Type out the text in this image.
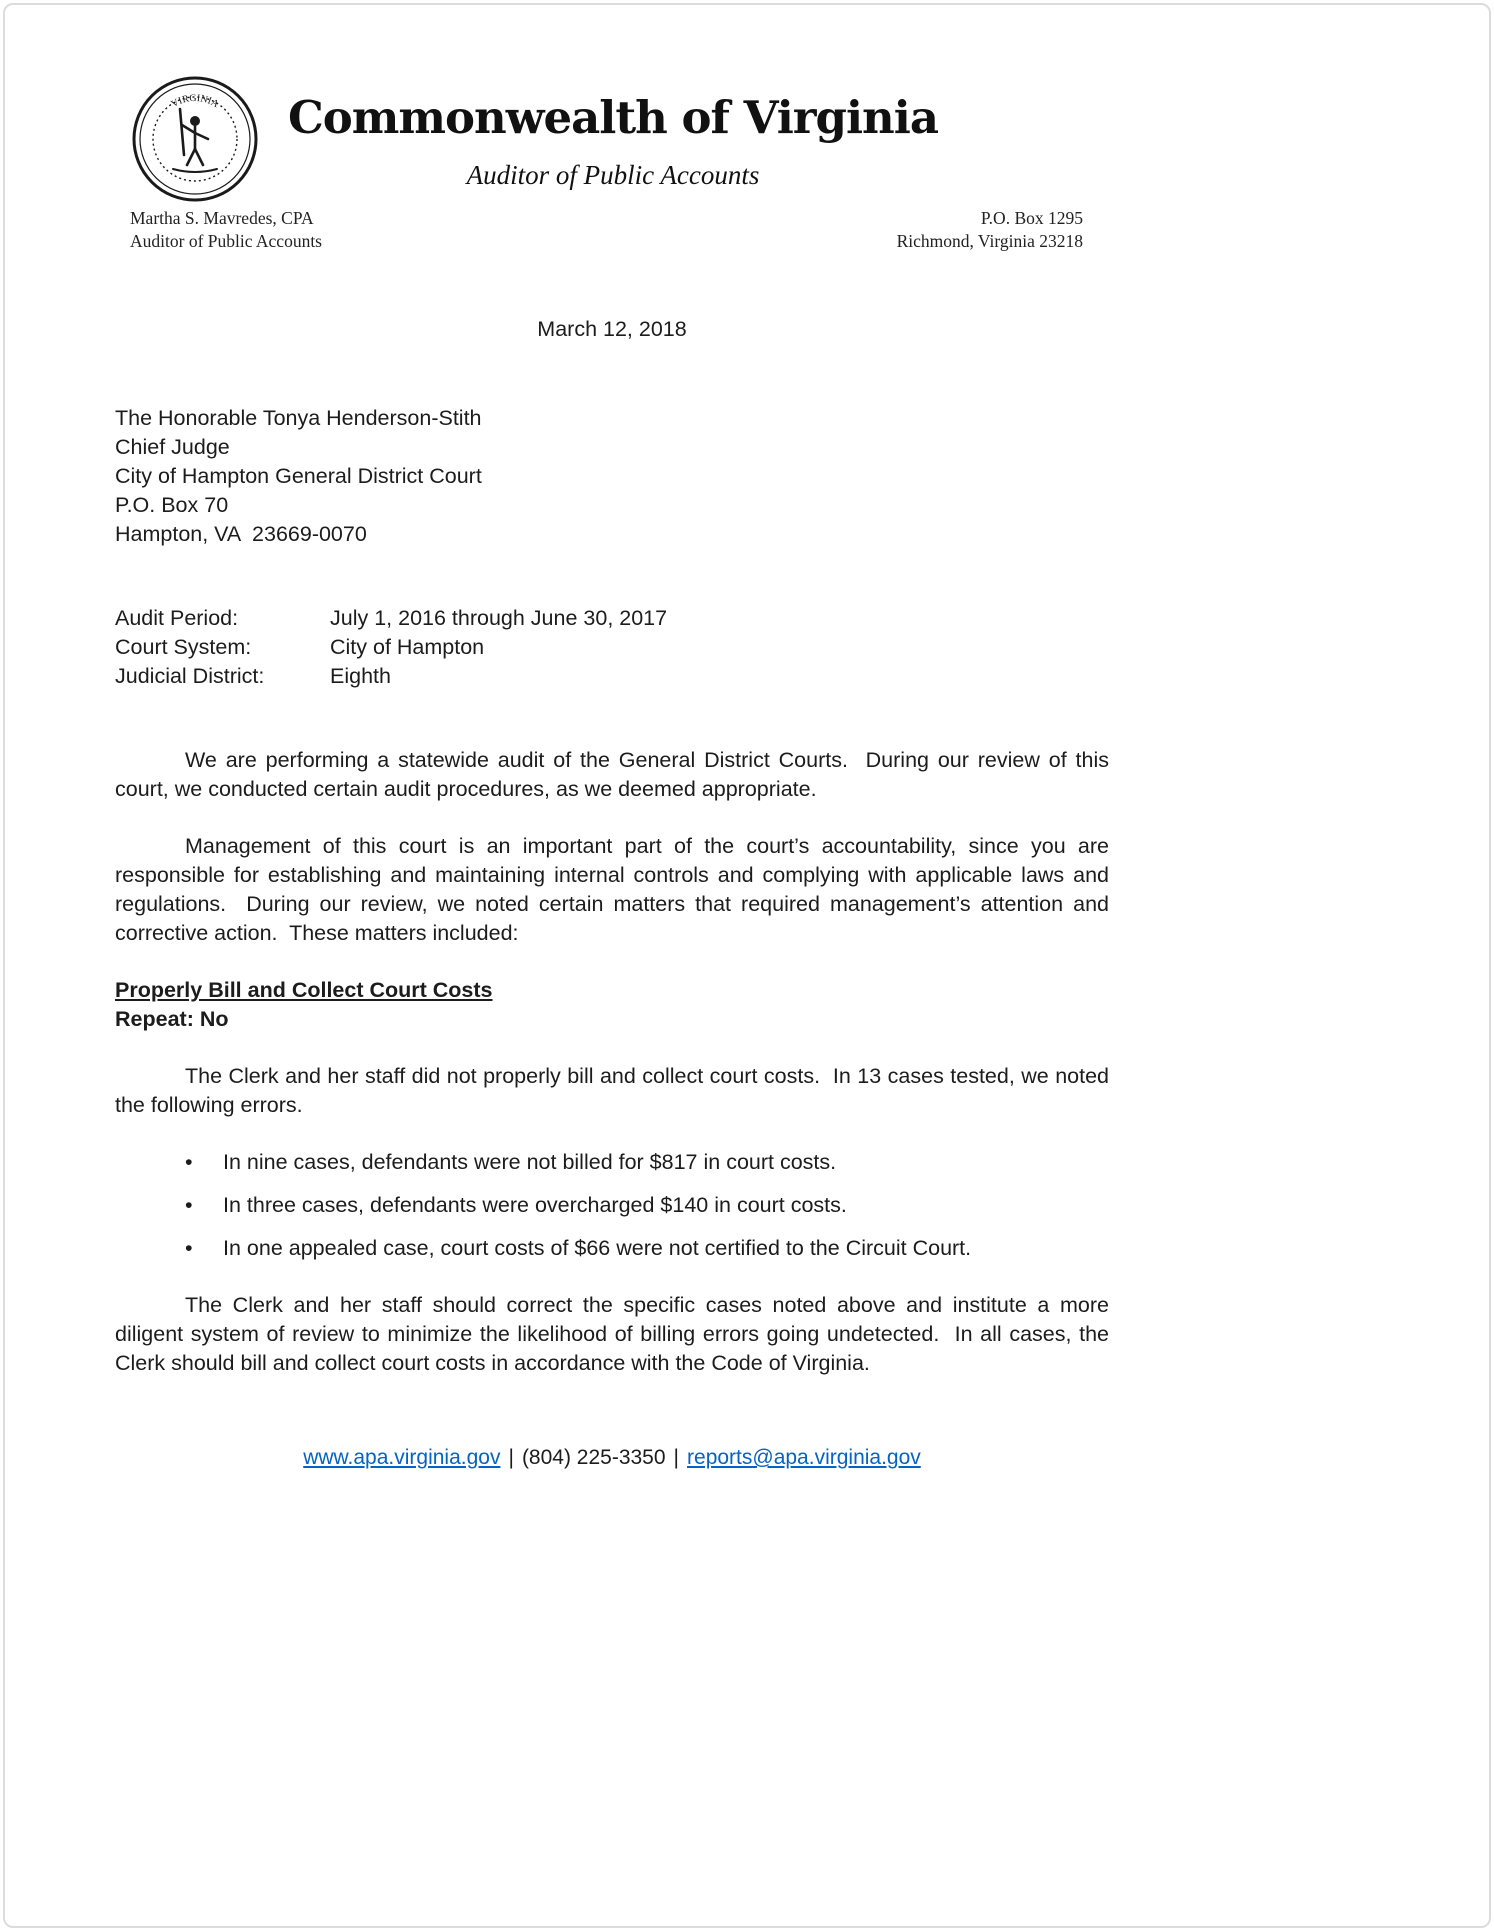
VIRGINIA	Commonwealth of Virginia
Auditor of Public Accounts
Martha S. Mavredes, CPA
Auditor of Public Accounts
P.O. Box 1295
Richmond, Virginia 23218
March 12, 2018
The Honorable Tonya Henderson-Stith
Chief Judge
City of Hampton General District Court
P.O. Box 70
Hampton, VA  23669-0070
Audit Period:	July 1, 2016 through June 30, 2017
Court System:	City of Hampton
Judicial District:	Eighth

We are performing a statewide audit of the General District Courts.  During our review of this court, we conducted certain audit procedures, as we deemed appropriate.

Management of this court is an important part of the court’s accountability, since you are responsible for establishing and maintaining internal controls and complying with applicable laws and regulations.  During our review, we noted certain matters that required management’s attention and corrective action.  These matters included:

Properly Bill and Collect Court Costs
Repeat: No

The Clerk and her staff did not properly bill and collect court costs.  In 13 cases tested, we noted the following errors.

• In nine cases, defendants were not billed for $817 in court costs.
• In three cases, defendants were overcharged $140 in court costs.
• In one appealed case, court costs of $66 were not certified to the Circuit Court.

The Clerk and her staff should correct the specific cases noted above and institute a more diligent system of review to minimize the likelihood of billing errors going undetected.  In all cases, the Clerk should bill and collect court costs in accordance with the Code of Virginia.

www.apa.virginia.gov | (804) 225-3350 | reports@apa.virginia.gov
